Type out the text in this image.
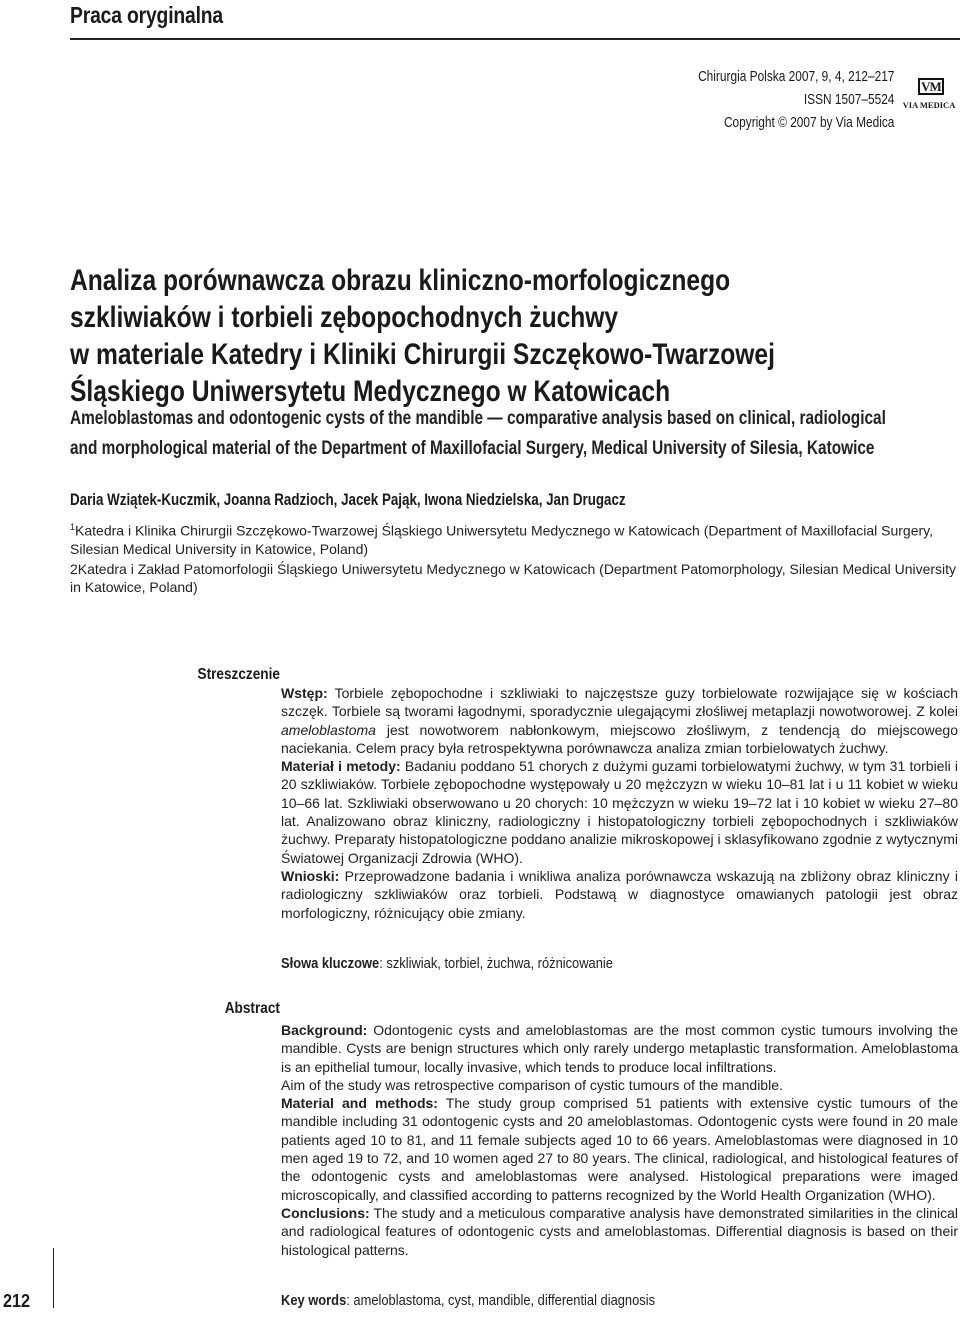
Praca oryginalna
Chirurgia Polska 2007, 9, 4, 212–217
ISSN 1507–5524
Copyright © 2007 by Via Medica
VM
VIA MEDICA
Analiza porównawcza obrazu kliniczno-morfologicznego
szkliwiaków i torbieli zębopochodnych żuchwy
w materiale Katedry i Kliniki Chirurgii Szczękowo-Twarzowej
Śląskiego Uniwersytetu Medycznego w Katowicach
Ameloblastomas and odontogenic cysts of the mandible — comparative analysis based on clinical, radiological
and morphological material of the Department of Maxillofacial Surgery, Medical University of Silesia, Katowice
Daria Wziątek-Kuczmik, Joanna Radzioch, Jacek Pająk, Iwona Niedzielska, Jan Drugacz

$^1$Katedra i Klinika Chirurgii Szczękowo-Twarzowej Śląskiego Uniwersytetu Medycznego w Katowicach (Department of Maxillofacial Surgery, Silesian Medical University in Katowice, Poland)

2Katedra i Zakład Patomorfologii Śląskiego Uniwersytetu Medycznego w Katowicach (Department Patomorphology, Silesian Medical University in Katowice, Poland)

Streszczenie

Wstęp: Torbiele zębopochodne i szkliwiaki to najczęstsze guzy torbielowate rozwijające się w kościach szczęk. Torbiele są tworami łagodnymi, sporadycznie ulegającymi złośliwej metaplazji nowotworowej. Z kolei ameloblastoma jest nowotworem nabłonkowym, miejscowo złośliwym, z tendencją do miejscowego naciekania. Celem pracy była retrospektywna porównawcza analiza zmian torbielowatych żuchwy.

Materiał i metody: Badaniu poddano 51 chorych z dużymi guzami torbielowatymi żuchwy, w tym 31 torbieli i 20 szkliwiaków. Torbiele zębopochodne występowały u 20 mężczyzn w wieku 10–81 lat i u 11 kobiet w wieku 10–66 lat. Szkliwiaki obserwowano u 20 chorych: 10 mężczyzn w wieku 19–72 lat i 10 kobiet w wieku 27–80 lat. Analizowano obraz kliniczny, radiologiczny i histopatologiczny torbieli zębopochodnych i szkliwiaków żuchwy. Preparaty histopatologiczne poddano analizie mikroskopowej i sklasyfikowano zgodnie z wytycznymi Światowej Organizacji Zdrowia (WHO).

Wnioski: Przeprowadzone badania i wnikliwa analiza porównawcza wskazują na zbliżony obraz kliniczny i radiologiczny szkliwiaków oraz torbieli. Podstawą w diagnostyce omawianych patologii jest obraz morfologiczny, różnicujący obie zmiany.

Słowa kluczowe: szkliwiak, torbiel, żuchwa, różnicowanie
Abstract

Background: Odontogenic cysts and ameloblastomas are the most common cystic tumours involving the mandible. Cysts are benign structures which only rarely undergo metaplastic transformation. Ameloblastoma is an epithelial tumour, locally invasive, which tends to produce local infiltrations.

Aim of the study was retrospective comparison of cystic tumours of the mandible.

Material and methods: The study group comprised 51 patients with extensive cystic tumours of the mandible including 31 odontogenic cysts and 20 ameloblastomas. Odontogenic cysts were found in 20 male patients aged 10 to 81, and 11 female subjects aged 10 to 66 years. Ameloblastomas were diagnosed in 10 men aged 19 to 72, and 10 women aged 27 to 80 years. The clinical, radiological, and histological features of the odontogenic cysts and ameloblastomas were analysed. Histological preparations were imaged microscopically, and classified according to patterns recognized by the World Health Organization (WHO).

Conclusions: The study and a meticulous comparative analysis have demonstrated similarities in the clinical and radiological features of odontogenic cysts and ameloblastomas. Differential diagnosis is based on their histological patterns.

Key words: ameloblastoma, cyst, mandible, differential diagnosis
212
